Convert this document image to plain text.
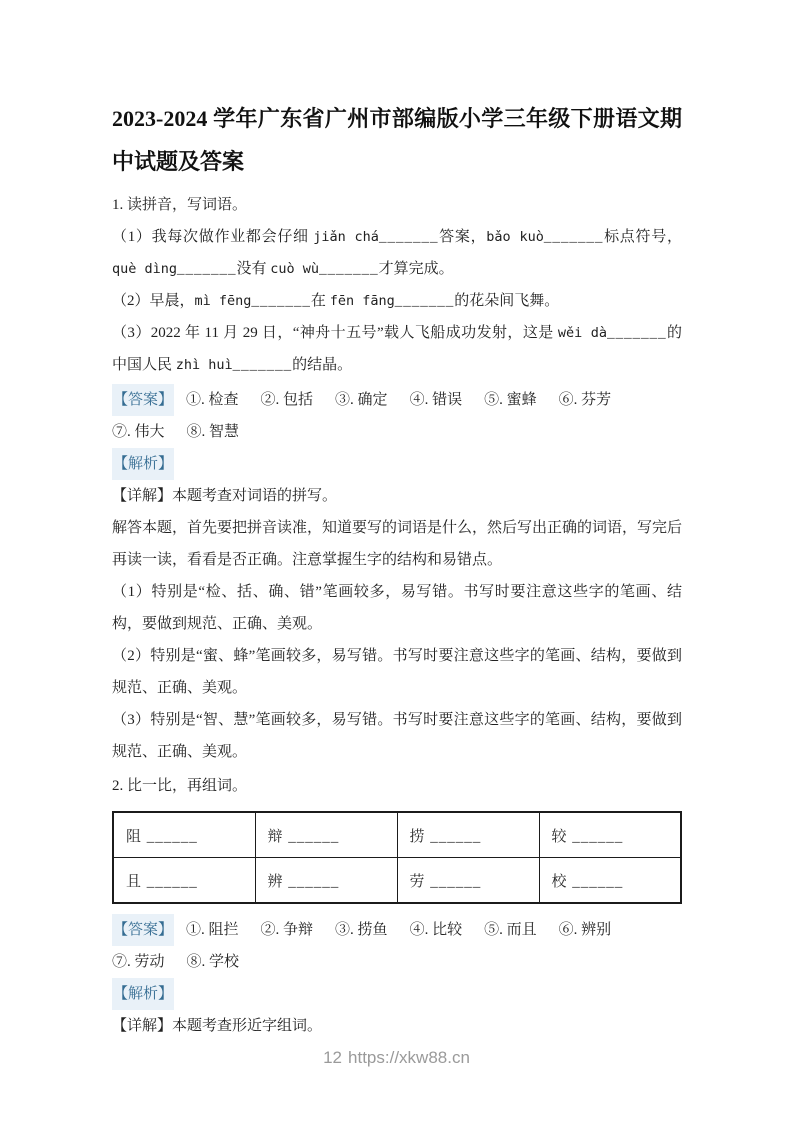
2023-2024 学年广东省广州市部编版小学三年级下册语文期中试题及答案

1. 读拼音，写词语。

（1）我每次做作业都会仔细 jiǎn chá_______答案，bǎo kuò_______标点符号，què dìng_______没有 cuò wù_______才算完成。

（2）早晨，mì fēng_______在 fēn fāng_______的花朵间飞舞。

（3）2022 年 11 月 29 日，“神舟十五号”载人飞船成功发射，这是 wěi dà_______的中国人民 zhì huì_______的结晶。

【答案】 ①. 检查 ②. 包括 ③. 确定 ④. 错误 ⑤. 蜜蜂 ⑥. 芬芳⑦. 伟大 ⑧. 智慧

【解析】

【详解】本题考查对词语的拼写。

解答本题，首先要把拼音读准，知道要写的词语是什么，然后写出正确的词语，写完后再读一读，看看是否正确。注意掌握生字的结构和易错点。

（1）特别是“检、括、确、错”笔画较多，易写错。书写时要注意这些字的笔画、结构，要做到规范、正确、美观。

（2）特别是“蜜、蜂”笔画较多，易写错。书写时要注意这些字的笔画、结构，要做到规范、正确、美观。

（3）特别是“智、慧”笔画较多，易写错。书写时要注意这些字的笔画、结构，要做到规范、正确、美观。

2. 比一比，再组词。

阻 ______	辩 ______	捞 ______	较 ______
且 ______	辨 ______	劳 ______	校 ______

【答案】 ①. 阻拦 ②. 争辩 ③. 捞鱼 ④. 比较 ⑤. 而且 ⑥. 辨别⑦. 劳动 ⑧. 学校

【解析】

【详解】本题考查形近字组词。

12 https://xkw88.cn
